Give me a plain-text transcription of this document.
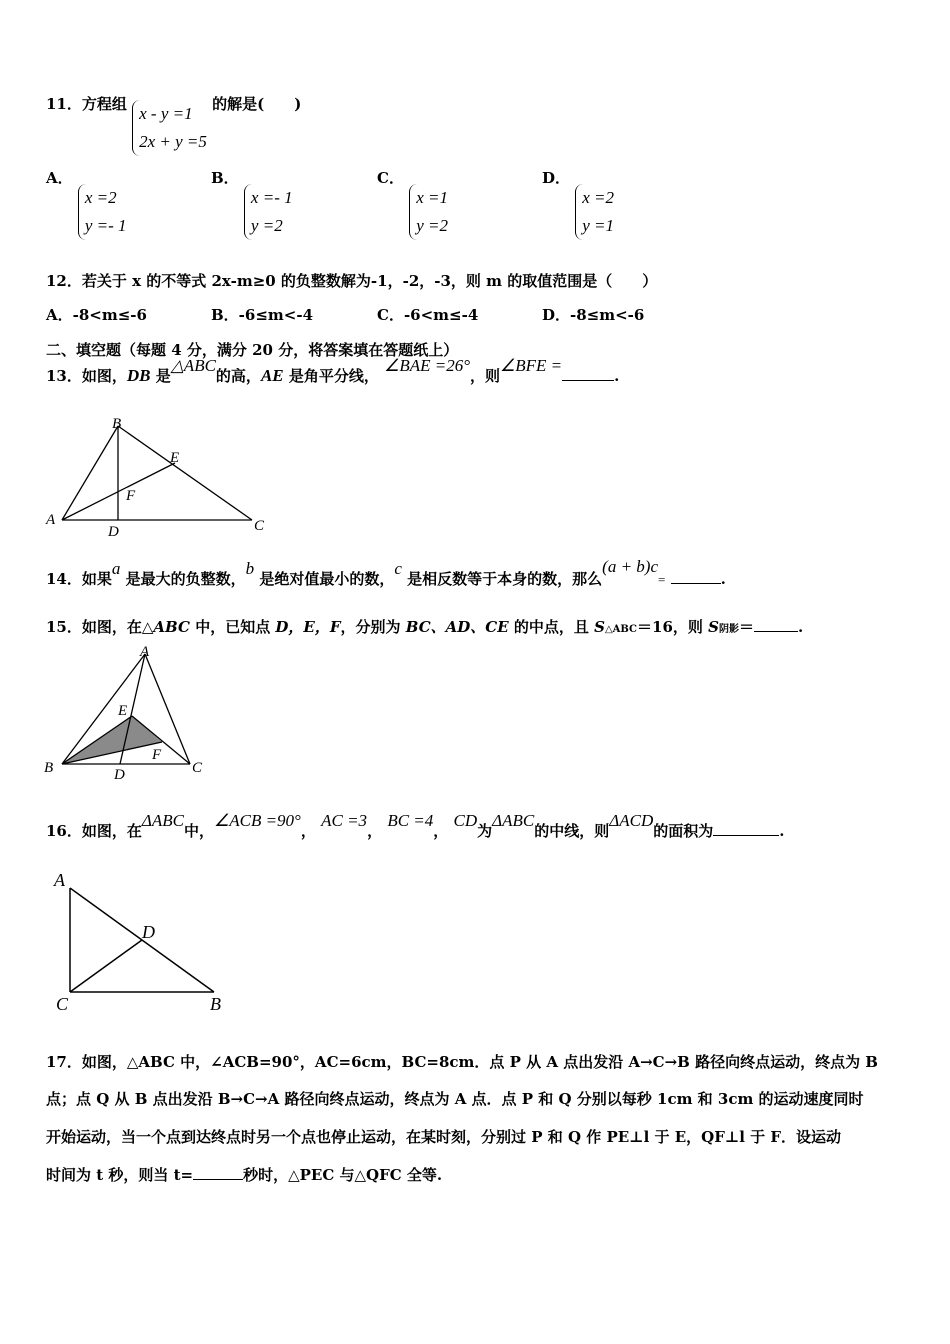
11．方程组 x - y =1
2x + y =5
的解是(　　)
A．
x =2
y =- 1
B．
x =- 1
y =2
C．
x =1
y =2
D．
x =2
y =1
12．若关于 x 的不等式 2x-m≥0 的负整数解为-1，-2，-3，则 m 的取值范围是（　　）
A．-8<m≤-6	B．-6≤m<-4	C．-6<m≤-4	D．-8≤m<-6
二、填空题（每题 4 分，满分 20 分，将答案填在答题纸上）
13．如图，DB 是△ABC的高，AE 是角平分线， ∠BAE =26°，则∠BFE =.
B
E
F
A
D	C
14．如果a 是最大的负整数，b 是绝对值最小的数，c 是相反数等于本身的数，那么(a + b)c=	.
15．如图，在△ABC 中，已知点 D，E，F，分别为 BC、AD、CE 的中点，且 S△ABC＝16，则 S阴影＝	.
A
E
F
B	D	C
16．如图，在ΔABC中，∠ACB =90°， AC =3， BC =4， CD为ΔABC的中线，则ΔACD的面积为	.
A
D
C	B
17．如图，△ABC 中，∠ACB=90°，AC=6cm，BC=8cm．点 P 从 A 点出发沿 A→C→B 路径向终点运动，终点为 B
点；点 Q 从 B 点出发沿 B→C→A 路径向终点运动，终点为 A 点．点 P 和 Q 分别以每秒 1cm 和 3cm 的运动速度同时
开始运动，当一个点到达终点时另一个点也停止运动，在某时刻，分别过 P 和 Q 作 PE⊥l 于 E，QF⊥l 于 F．设运动
时间为 t 秒，则当 t=	秒时，△PEC 与△QFC 全等.
